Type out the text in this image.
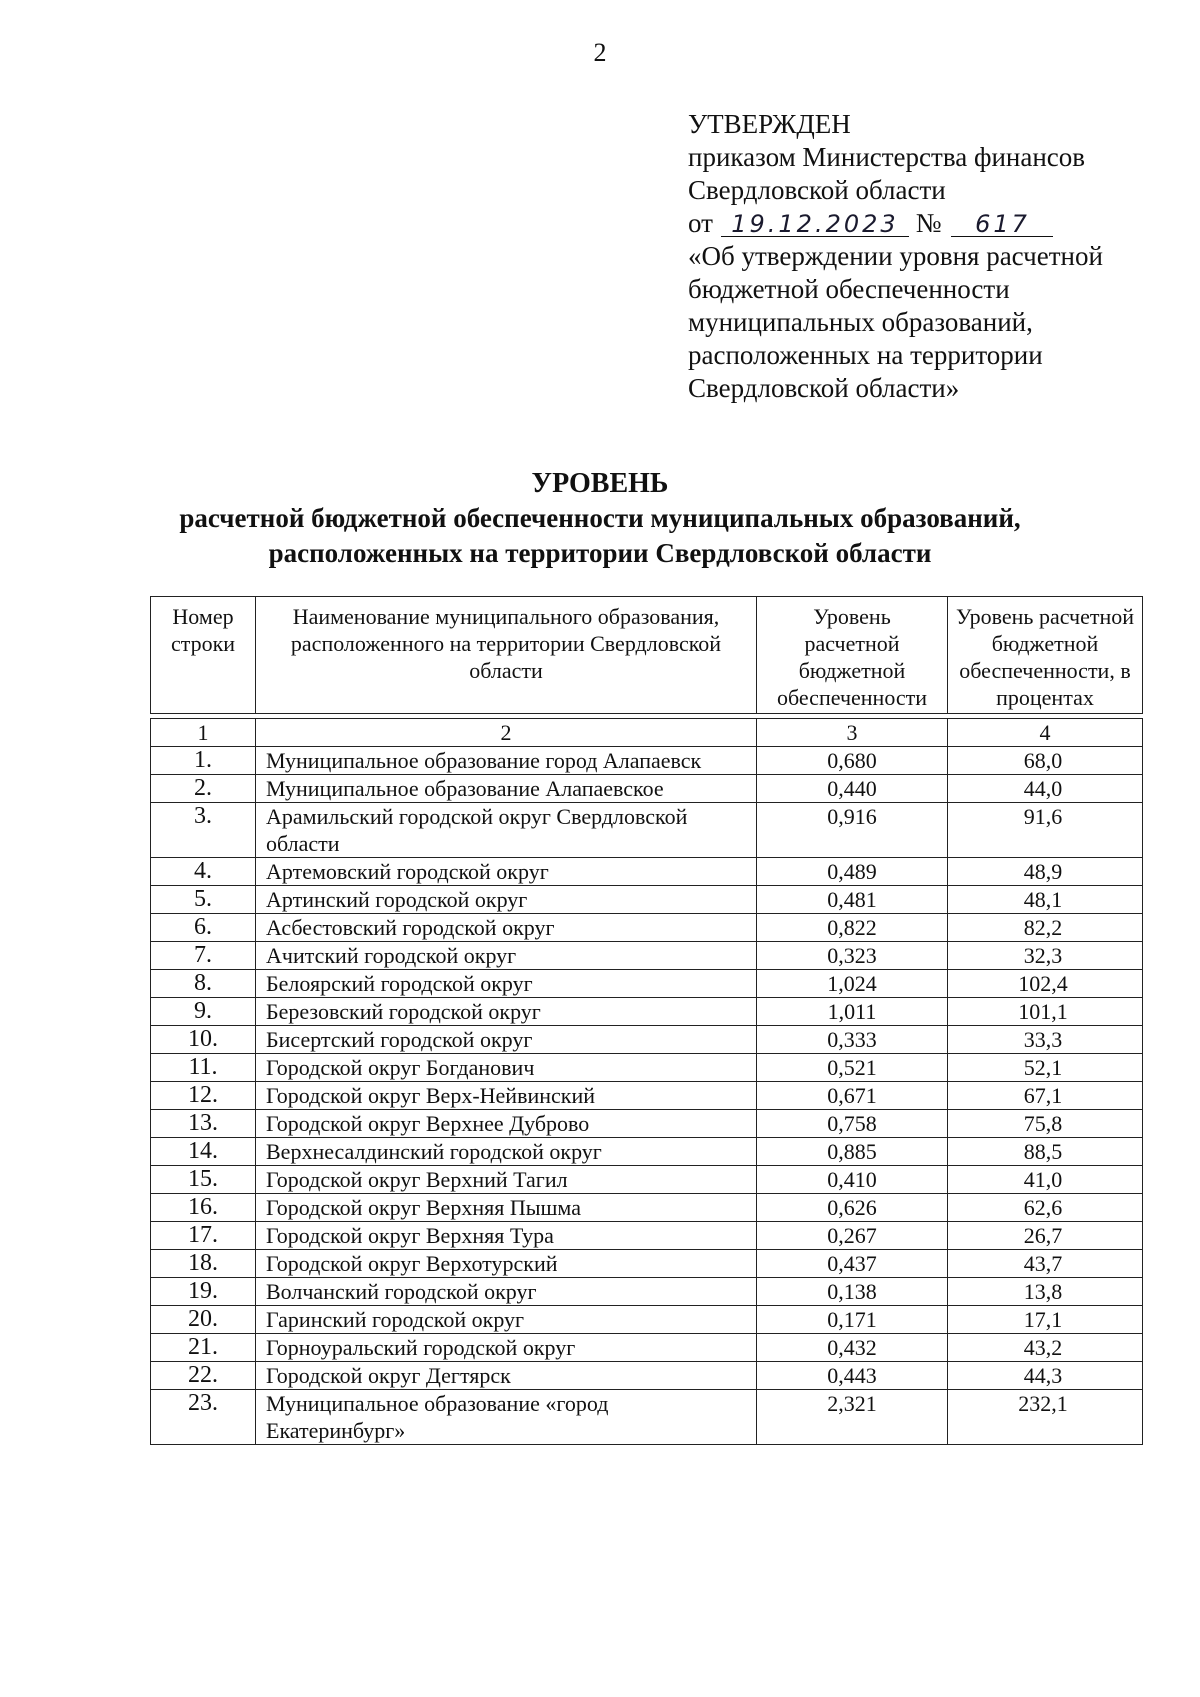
2
УТВЕРЖДЕН
приказом Министерства финансов
Свердловской области
от 19.12.2023 № 617
«Об утверждении уровня расчетной
бюджетной обеспеченности
муниципальных образований,
расположенных на территории
Свердловской области»
УРОВЕНЬ
расчетной бюджетной обеспеченности муниципальных образований,
расположенных на территории Свердловской области
Номер строки	Наименование муниципального образования, расположенного на территории Свердловской области	Уровень расчетной бюджетной обеспеченности	Уровень расчетной бюджетной обеспеченности, в процентах

1	2	3	4
1.	Муниципальное образование город Алапаевск	0,680	68,0
2.	Муниципальное образование Алапаевское	0,440	44,0
3.	Арамильский городской округ Свердловской области	0,916	91,6
4.	Артемовский городской округ	0,489	48,9
5.	Артинский городской округ	0,481	48,1
6.	Асбестовский городской округ	0,822	82,2
7.	Ачитский городской округ	0,323	32,3
8.	Белоярский городской округ	1,024	102,4
9.	Березовский городской округ	1,011	101,1
10.	Бисертский городской округ	0,333	33,3
11.	Городской округ Богданович	0,521	52,1
12.	Городской округ Верх-Нейвинский	0,671	67,1
13.	Городской округ Верхнее Дуброво	0,758	75,8
14.	Верхнесалдинский городской округ	0,885	88,5
15.	Городской округ Верхний Тагил	0,410	41,0
16.	Городской округ Верхняя Пышма	0,626	62,6
17.	Городской округ Верхняя Тура	0,267	26,7
18.	Городской округ Верхотурский	0,437	43,7
19.	Волчанский городской округ	0,138	13,8
20.	Гаринский городской округ	0,171	17,1
21.	Горноуральский городской округ	0,432	43,2
22.	Городской округ Дегтярск	0,443	44,3
23.	Муниципальное образование «город Екатеринбург»	2,321	232,1
